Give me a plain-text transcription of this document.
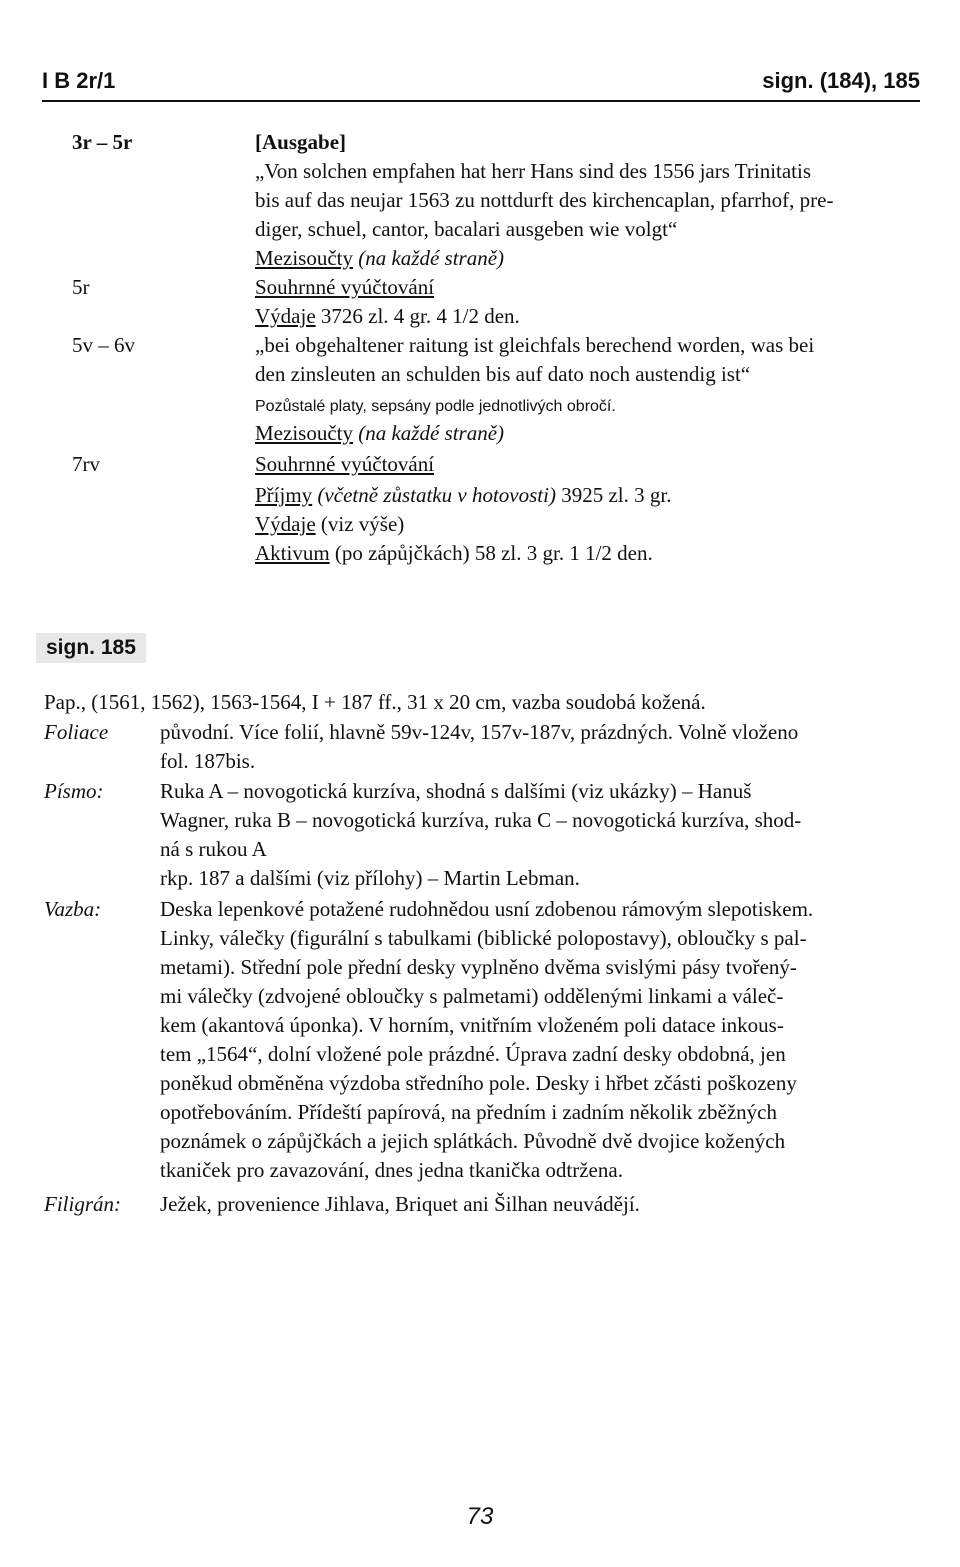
I B 2r/1	sign. (184), 185
3r – 5r	[Ausgabe]
„Von solchen empfahen hat herr Hans sind des 1556 jars Trinitatis
bis auf das neujar 1563 zu nottdurft des kirchencaplan, pfarrhof, pre-
diger, schuel, cantor, bacalari ausgeben wie volgt“
Mezisoučty (na každé straně)
5r	Souhrnné vyúčtování
Výdaje 3726 zl. 4 gr. 4 1/2 den.
5v – 6v	„bei obgehaltener raitung ist gleichfals berechend worden, was bei
den zinsleuten an schulden bis auf dato noch austendig ist“
Pozůstalé platy, sepsány podle jednotlivých obročí.
Mezisoučty (na každé straně)
7rv	Souhrnné vyúčtování
Příjmy (včetně zůstatku v hotovosti) 3925 zl. 3 gr.
Výdaje (viz výše)
Aktivum (po zápůjčkách) 58 zl. 3 gr. 1 1/2 den.
sign. 185
Pap., (1561, 1562), 1563-1564, I + 187 ff., 31 x 20 cm, vazba soudobá kožená.
Foliace původní. Více folií, hlavně 59v-124v, 157v-187v, prázdných. Volně vloženo
fol. 187bis.
Písmo:	Ruka A – novogotická kurzíva, shodná s dalšími (viz ukázky) – Hanuš
Wagner, ruka B – novogotická kurzíva, ruka C – novogotická kurzíva, shod-
ná s rukou A
rkp. 187 a dalšími (viz přílohy) – Martin Lebman.
Vazba:	Deska lepenkové potažené rudohnědou usní zdobenou rámovým slepotiskem.
Linky, válečky (figurální s tabulkami (biblické polopostavy), obloučky s pal-
metami). Střední pole přední desky vyplněno dvěma svislými pásy tvořený-
mi válečky (zdvojené obloučky s palmetami) oddělenými linkami a váleč-
kem (akantová úponka). V horním, vnitřním vloženém poli datace inkous-
tem „1564“, dolní vložené pole prázdné. Úprava zadní desky obdobná, jen
poněkud obměněna výzdoba středního pole. Desky i hřbet zčásti poškozeny
opotřebováním. Přídeští papírová, na předním i zadním několik zběžných
poznámek o zápůjčkách a jejich splátkách. Původně dvě dvojice kožených
tkaniček pro zavazování, dnes jedna tkanička odtržena.
Filigrán: Ježek, provenience Jihlava, Briquet ani Šilhan neuvádějí.
73
